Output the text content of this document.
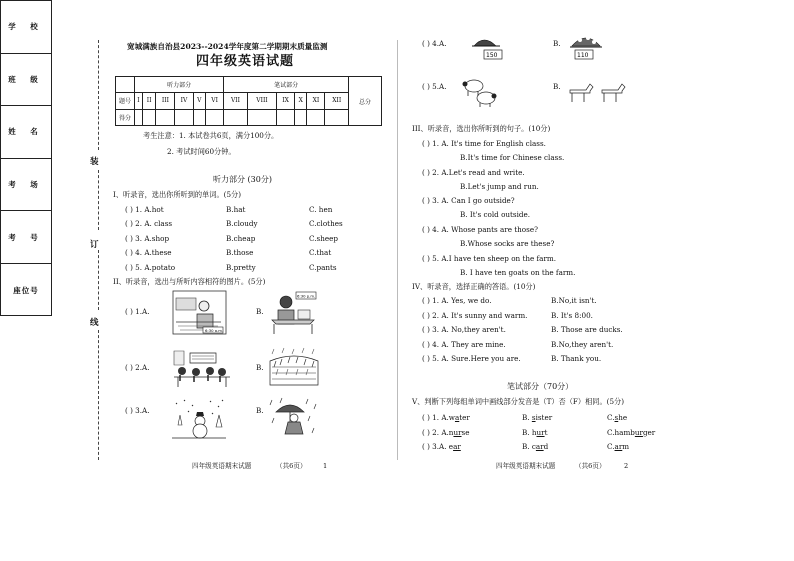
学 校
班 级
姓 名
考 场
考 号
座位号
装
订
线
宽城满族自治县2023--2024学年度第二学期期末质量监测
四年级英语试题
	听力部分						笔试部分						总分
题号	I	II	III	IV	V	VI	VII	VIII	IX	X	XI	XII	
得分													
考生注意：1. 本试卷共6页，满分100分。
2. 考试时间60分钟。
听力部分 (30分)
I、听录音，选出你所听到的单词。(5分)
( ) 1. A.hot	B.hat	C. hen
( ) 2. A. class	B.cloudy	C.clothes
( ) 3. A.shop	B.cheap	C.sheep
( ) 4. A.these	B.those	C.that
( ) 5. A.potato	B.pretty	C.pants
II、听录音，选出与所听内容相符的图片。(5分)
( ) 1.A.
6:30 a.m.
B.
6:30 p.m.
( ) 2.A.	B.
( ) 3.A.	B.
四年级英语期末试题	（共6页） 1
( ) 4.A.
150
B.
110
( ) 5.A.	B.
III、听录音，选出你所听到的句子。(10分)
( ) 1. A. It's time for English class.
B.It's time for Chinese class.
( ) 2. A.Let's read and write.
B.Let's jump and run.
( ) 3. A. Can I go outside?
B. It's cold outside.
( ) 4. A. Whose pants are those?
B.Whose socks are these?
( ) 5. A.I have ten sheep on the farm.
B. I have ten goats on the farm.
IV、听录音，选择正确的答语。(10分)
( ) 1. A. Yes, we do.	B.No,it isn't.
( ) 2. A. It's sunny and warm.	B. It's 8:00.
( ) 3. A. No,they aren't.	B. Those are ducks.
( ) 4. A. They are mine.	B.No,they aren't.
( ) 5. A. Sure.Here you are.	B. Thank you.
笔试部分（70分）
V、判断下列每组单词中画线部分发音是（T）否（F）相同。(5分)
( ) 1. A.water	B. sister	C.she
( ) 2. A.nurse	B. hurt	C.hamburger
( ) 3.A. ear	B. card	C.arm
四年级英语期末试题	（共6页）	2
